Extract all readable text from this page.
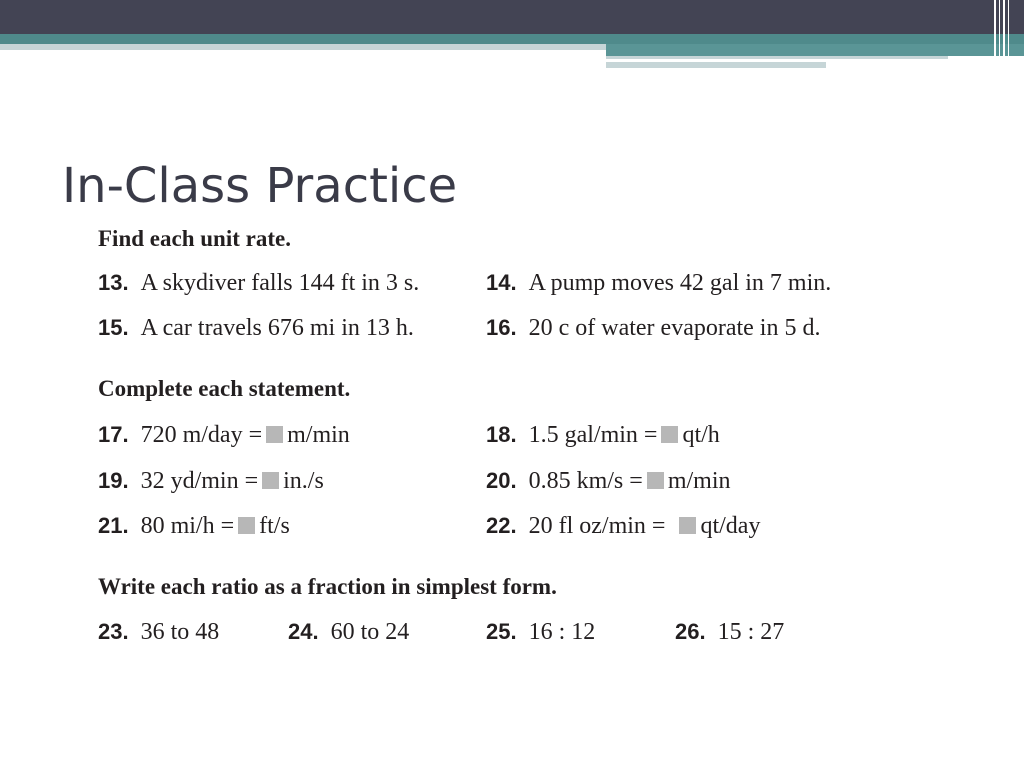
In-Class Practice
Find each unit rate.
13. A skydiver falls 144 ft in 3 s.	14. A pump moves 42 gal in 7 min.
15. A car travels 676 mi in 13 h.	16. 20 c of water evaporate in 5 d.
Complete each statement.
17. 720 m/day = m/min	18. 1.5 gal/min = qt/h
19. 32 yd/min = in./s	20. 0.85 km/s = m/min
21. 80 mi/h = ft/s	22. 20 fl oz/min = qt/day
Write each ratio as a fraction in simplest form.
23. 36 to 48	24. 60 to 24	25. 16 : 12	26. 15 : 27
